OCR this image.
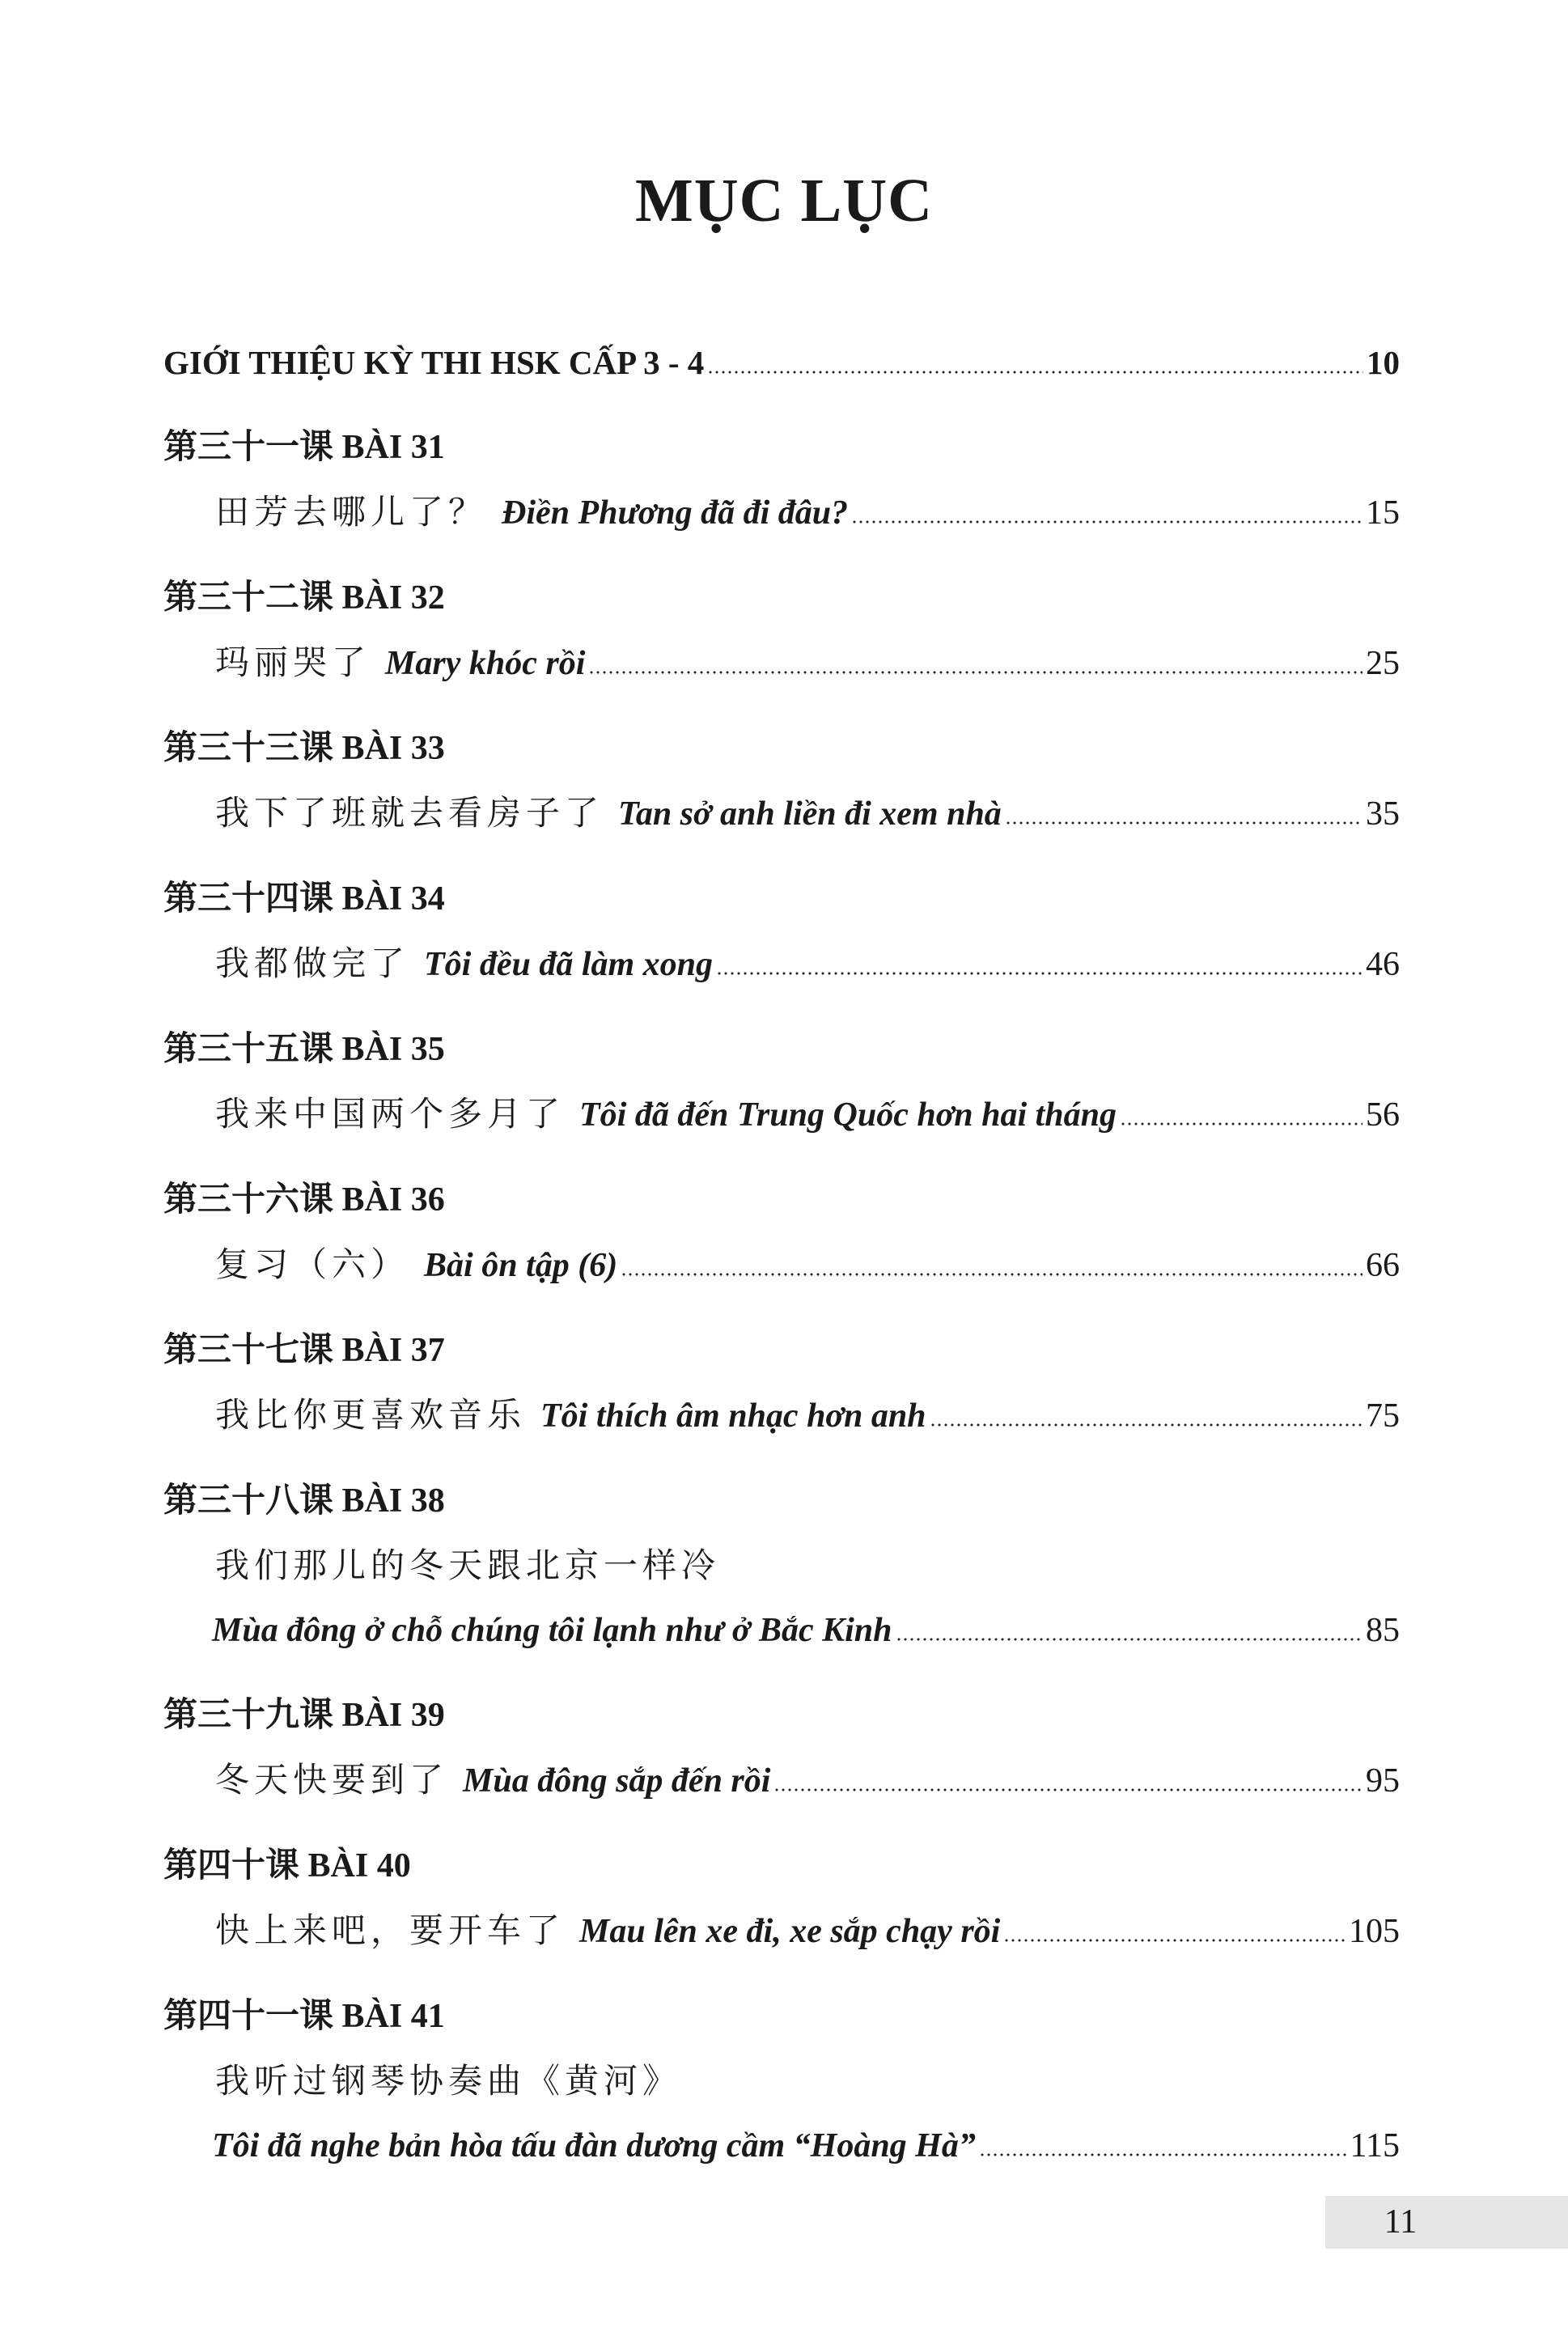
MỤC LỤC
GIỚI THIỆU KỲ THI HSK CẤP 3 - 4	10
第三十一课 BÀI 31
田芳去哪儿了？ Điền Phương đã đi đâu?	15
第三十二课 BÀI 32
玛丽哭了 Mary khóc rồi	25
第三十三课 BÀI 33
我下了班就去看房子了 Tan sở anh liền đi xem nhà	35
第三十四课 BÀI 34
我都做完了 Tôi đều đã làm xong	46
第三十五课 BÀI 35
我来中国两个多月了 Tôi đã đến Trung Quốc hơn hai tháng	56
第三十六课 BÀI 36
复习（六） Bài ôn tập (6)	66
第三十七课 BÀI 37
我比你更喜欢音乐 Tôi thích âm nhạc hơn anh	75
第三十八课 BÀI 38
我们那儿的冬天跟北京一样冷
Mùa đông ở chỗ chúng tôi lạnh như ở Bắc Kinh	85
第三十九课 BÀI 39
冬天快要到了 Mùa đông sắp đến rồi	95
第四十课 BÀI 40
快上来吧，要开车了 Mau lên xe đi, xe sắp chạy rồi	105
第四十一课 BÀI 41
我听过钢琴协奏曲《黄河》
Tôi đã nghe bản hòa tấu đàn dương cầm “Hoàng Hà”	115
11
